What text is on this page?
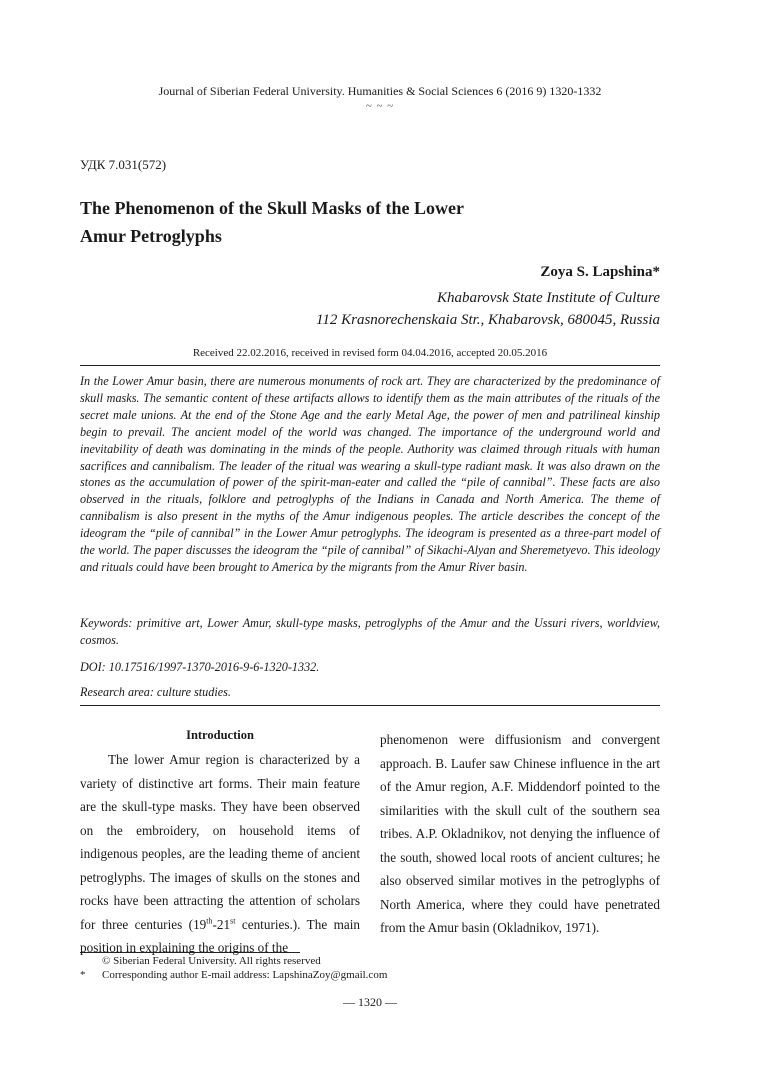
Journal of Siberian Federal University. Humanities & Social Sciences 6 (2016 9) 1320-1332
~ ~ ~
УДК 7.031(572)
The Phenomenon of the Skull Masks of the Lower
Amur Petroglyphs
Zoya S. Lapshina*
Khabarovsk State Institute of Culture
112 Krasnorechenskaia Str., Khabarovsk, 680045, Russia
Received 22.02.2016, received in revised form 04.04.2016, accepted 20.05.2016
In the Lower Amur basin, there are numerous monuments of rock art. They are characterized by the predominance of skull masks. The semantic content of these artifacts allows to identify them as the main attributes of the rituals of the secret male unions. At the end of the Stone Age and the early Metal Age, the power of men and patrilineal kinship begin to prevail. The ancient model of the world was changed. The importance of the underground world and inevitability of death was dominating in the minds of the people. Authority was claimed through rituals with human sacrifices and cannibalism. The leader of the ritual was wearing a skull-type radiant mask. It was also drawn on the stones as the accumulation of power of the spirit-man-eater and called the “pile of cannibal”. These facts are also observed in the rituals, folklore and petroglyphs of the Indians in Canada and North America. The theme of cannibalism is also present in the myths of the Amur indigenous peoples. The article describes the concept of the ideogram the “pile of cannibal” in the Lower Amur petroglyphs. The ideogram is presented as a three-part model of the world. The paper discusses the ideogram the “pile of cannibal” of Sikachi-Alyan and Sheremetyevo. This ideology and rituals could have been brought to America by the migrants from the Amur River basin.
Keywords: primitive art, Lower Amur, skull-type masks, petroglyphs of the Amur and the Ussuri rivers, worldview, cosmos.
DOI: 10.17516/1997-1370-2016-9-6-1320-1332.
Research area: culture studies.
Introduction

The lower Amur region is characterized by a variety of distinctive art forms. Their main feature are the skull-type masks. They have been observed on the embroidery, on household items of indigenous peoples, are the leading theme of ancient petroglyphs. The images of skulls on the stones and rocks have been attracting the attention of scholars for three centuries (19th-21st centuries.). The main position in explaining the origins of the

phenomenon were diffusionism and convergent approach. B. Laufer saw Chinese influence in the art of the Amur region, A.F. Middendorf pointed to the similarities with the skull cult of the southern sea tribes. A.P. Okladnikov, not denying the influence of the south, showed local roots of ancient cultures; he also observed similar motives in the petroglyphs of North America, where they could have penetrated from the Amur basin (Okladnikov, 1971).

© Siberian Federal University. All rights reserved
* Corresponding author E-mail address: LapshinaZoy@gmail.com
— 1320 —
